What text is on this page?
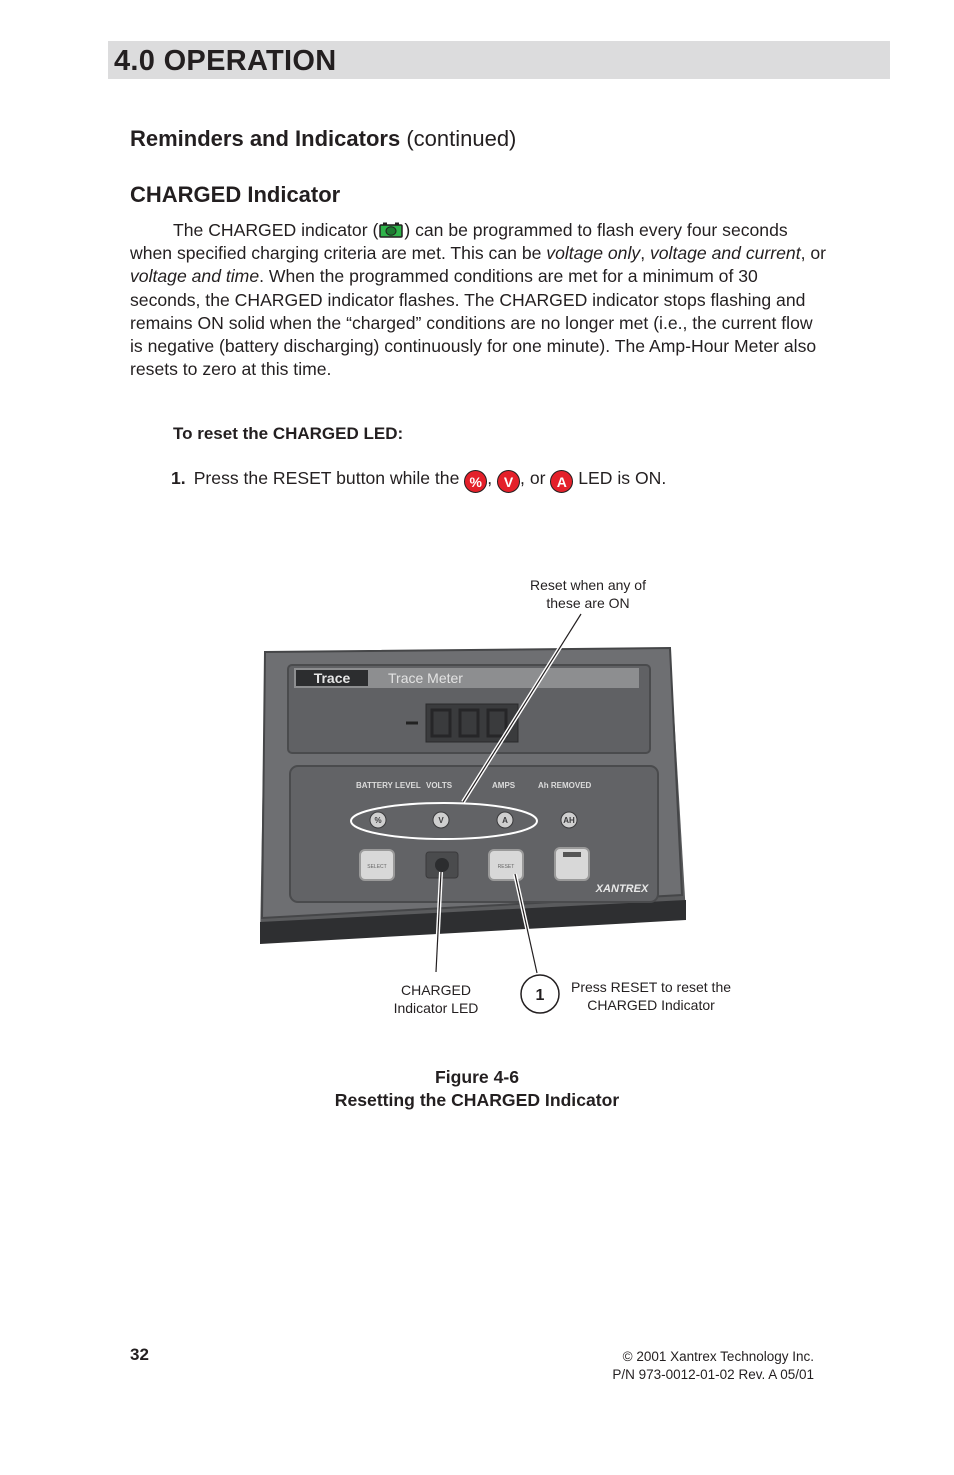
4.0 OPERATION
Reminders and Indicators (continued)
CHARGED Indicator

The CHARGED indicator ( ) can be programmed to flash every four seconds when specified charging criteria are met. This can be voltage only, voltage and current, or voltage and time. When the programmed conditions are met for a minimum of 30 seconds, the CHARGED indicator flashes. The CHARGED indicator stops flashing and remains ON solid when the “charged” conditions are no longer met (i.e., the current flow is negative (battery discharging) continuously for one minute). The Amp-Hour Meter also resets to zero at this time.

To reset the CHARGED LED:

1. Press the RESET button while the % , V , or A LED is ON.
Trace	Trace Meter
BATTERY LEVEL VOLTS	AMPS	Ah REMOVED
%	V	A	AH
SELECT	RESET
XANTREX
1
Reset when any of
these are ON
CHARGED
Indicator LED
Press RESET to reset the
CHARGED Indicator
Figure 4-6
Resetting the CHARGED Indicator
32	© 2001 Xantrex Technology Inc.
P/N 973-0012-01-02 Rev. A 05/01
